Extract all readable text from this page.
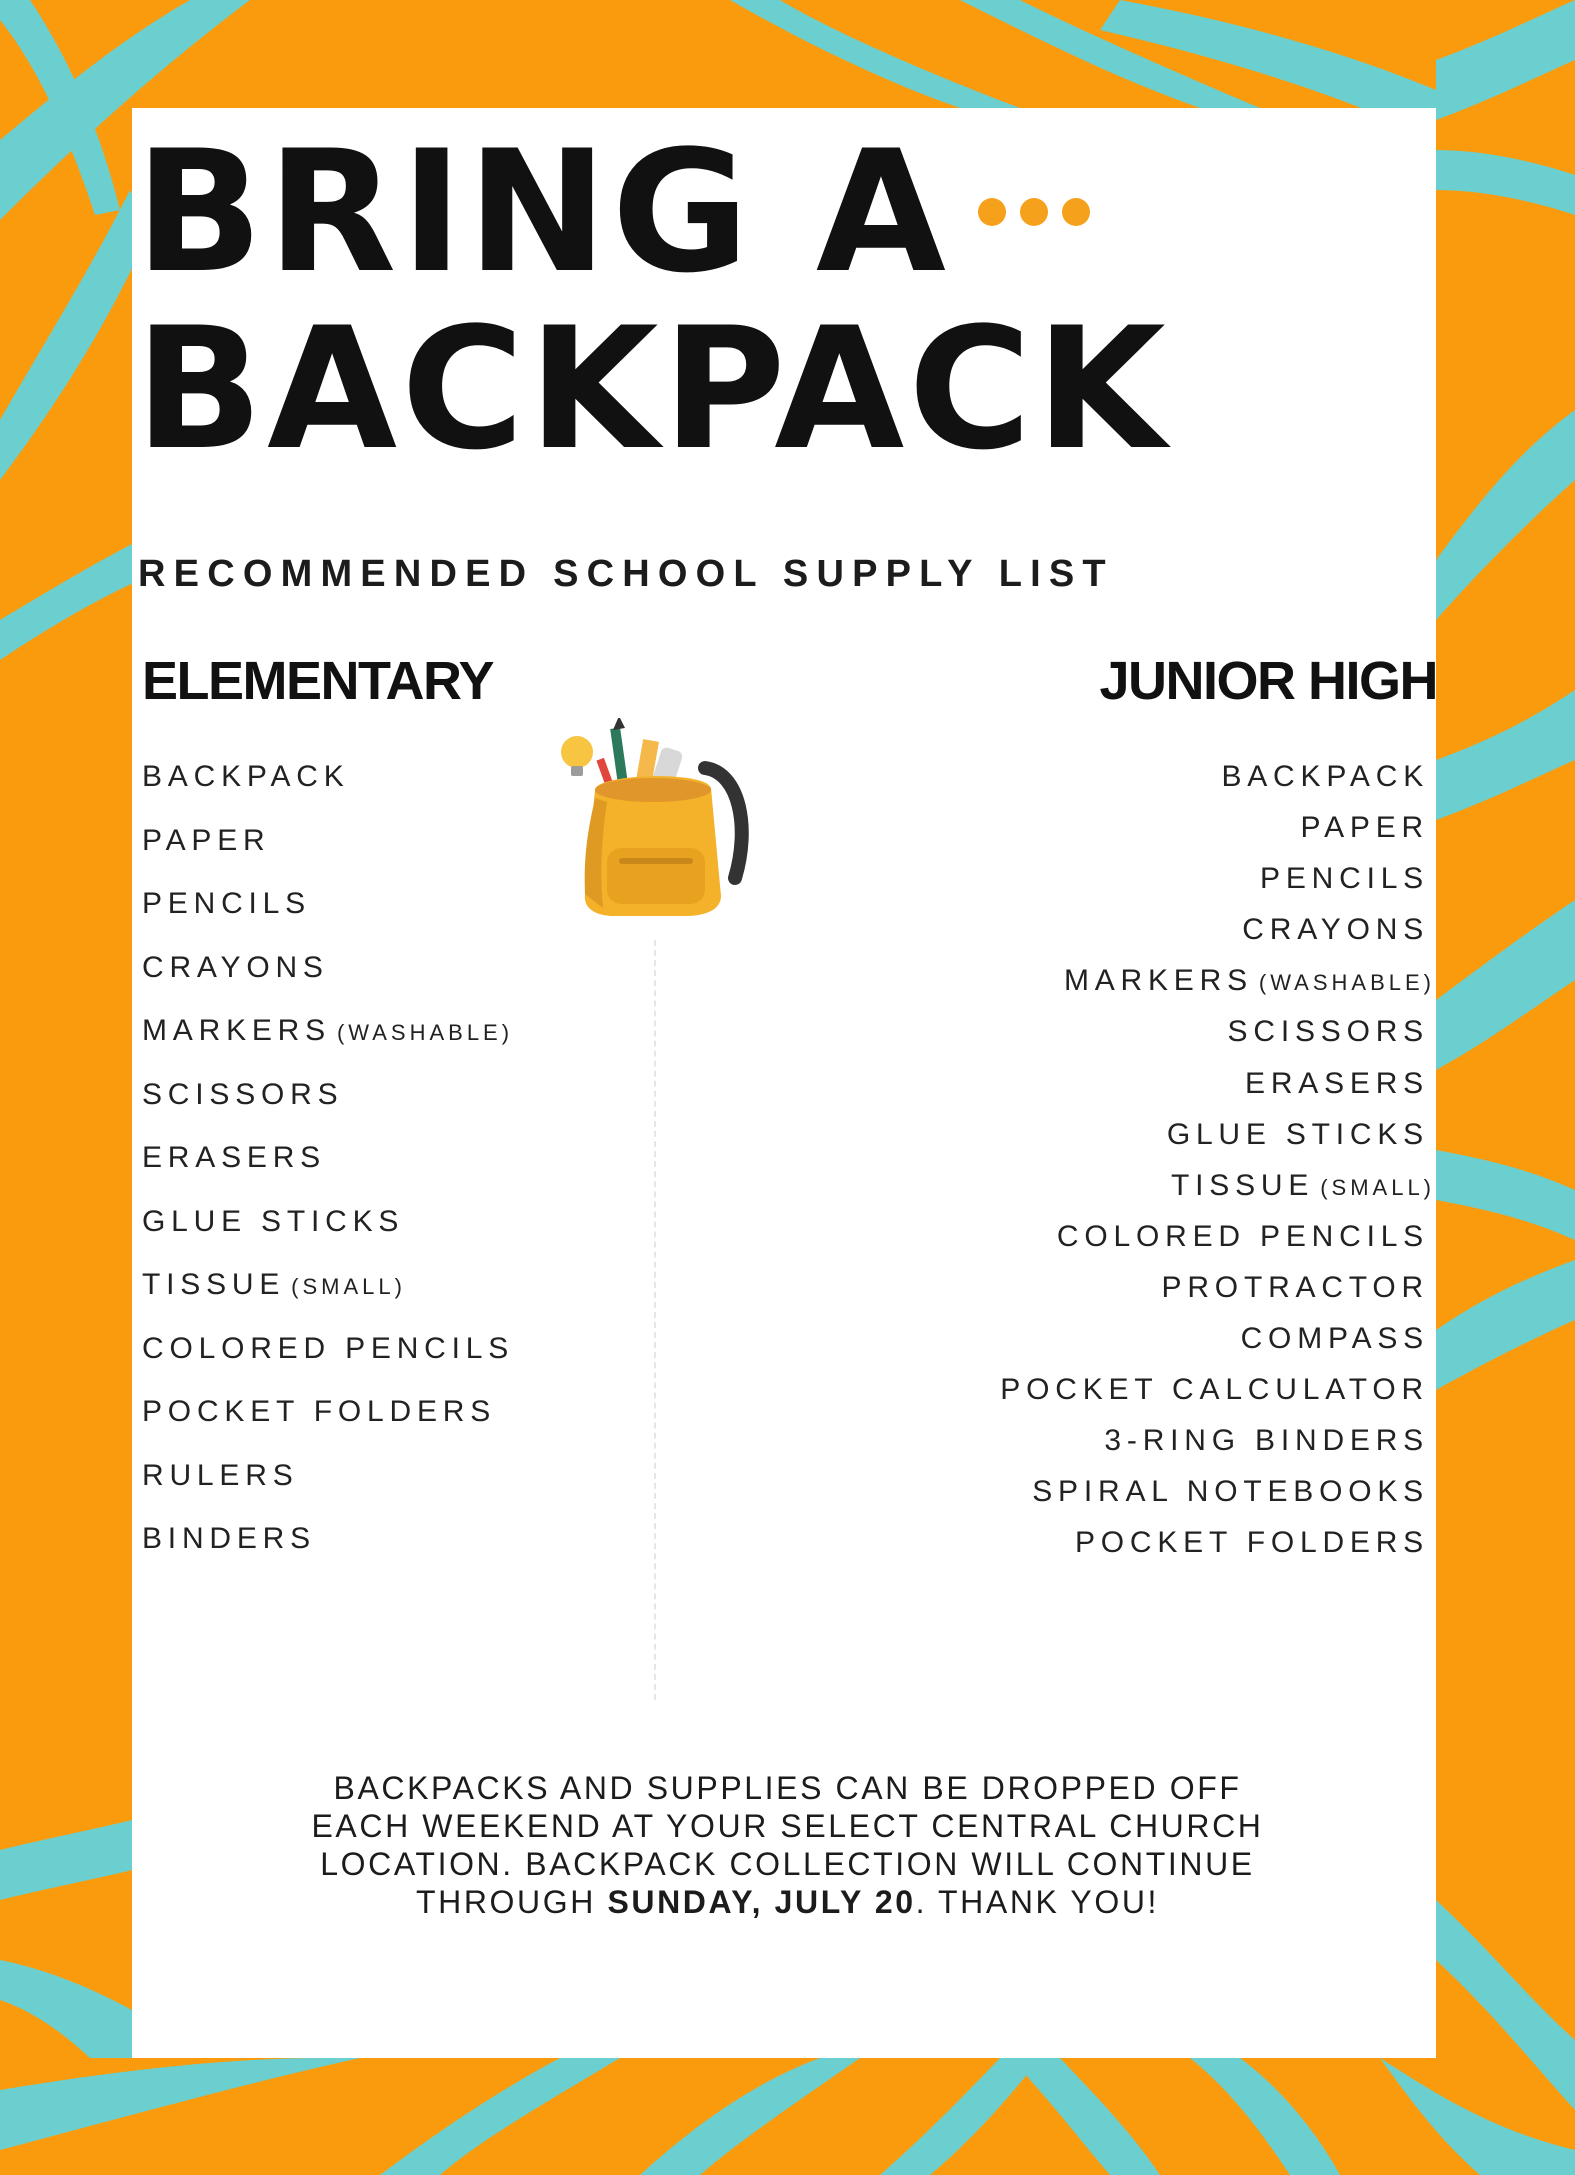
BRING A
BACKPACK
RECOMMENDED SCHOOL SUPPLY LIST
ELEMENTARY	JUNIOR HIGH
BACKPACK
PAPER
PENCILS
CRAYONS
MARKERS (WASHABLE)
SCISSORS
ERASERS
GLUE STICKS
TISSUE (SMALL)
COLORED PENCILS
POCKET FOLDERS
RULERS
BINDERS
BACKPACK
PAPER
PENCILS
CRAYONS
MARKERS (WASHABLE)
SCISSORS
ERASERS
GLUE STICKS
TISSUE (SMALL)
COLORED PENCILS
PROTRACTOR
COMPASS
POCKET CALCULATOR
3-RING BINDERS
SPIRAL NOTEBOOKS
POCKET FOLDERS

BACKPACKS AND SUPPLIES CAN BE DROPPED OFF

EACH WEEKEND AT YOUR SELECT CENTRAL CHURCH

LOCATION. BACKPACK COLLECTION WILL CONTINUE

THROUGH SUNDAY, JULY 20. THANK YOU!
